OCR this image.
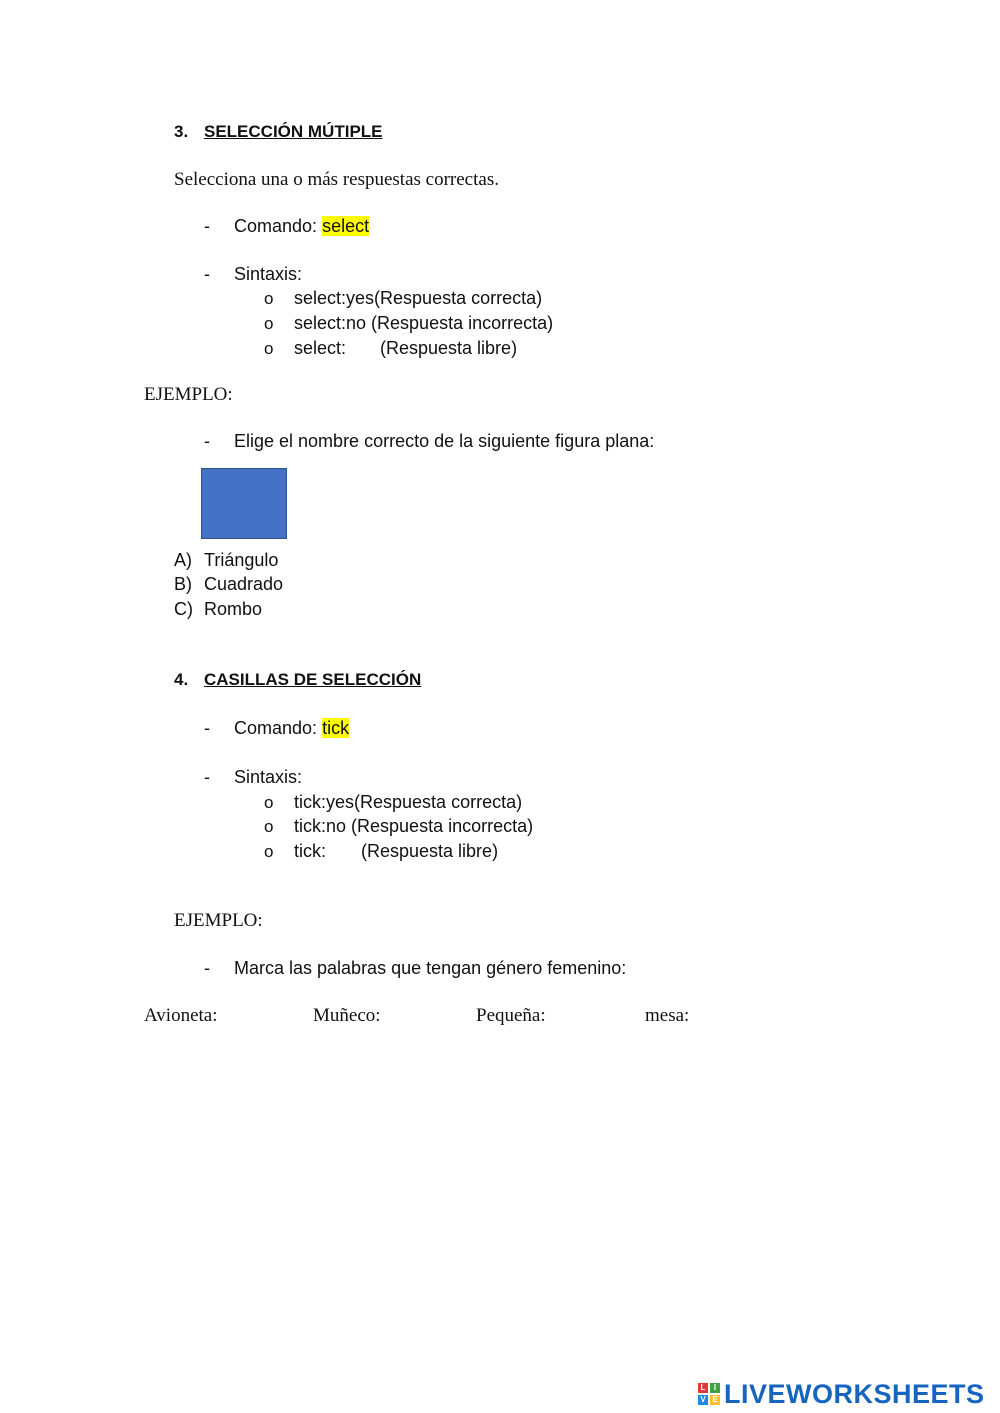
3. SELECCIÓN MÚTIPLE
Selecciona una o más respuestas correctas.
- Comando: select
- Sintaxis:
o select:yes(Respuesta correcta)
o select:no (Respuesta incorrecta)
o select: (Respuesta libre)
EJEMPLO:
- Elige el nombre correcto de la siguiente figura plana:
A) Triángulo
B) Cuadrado
C) Rombo
4. CASILLAS DE SELECCIÓN
- Comando: tick
- Sintaxis:
o tick:yes(Respuesta correcta)
o tick:no (Respuesta incorrecta)
o tick: (Respuesta libre)
EJEMPLO:
- Marca las palabras que tengan género femenino:
Avioneta:	Muñeco:	Pequeña:	mesa:
L	I
V E LIVEWORKSHEETS
